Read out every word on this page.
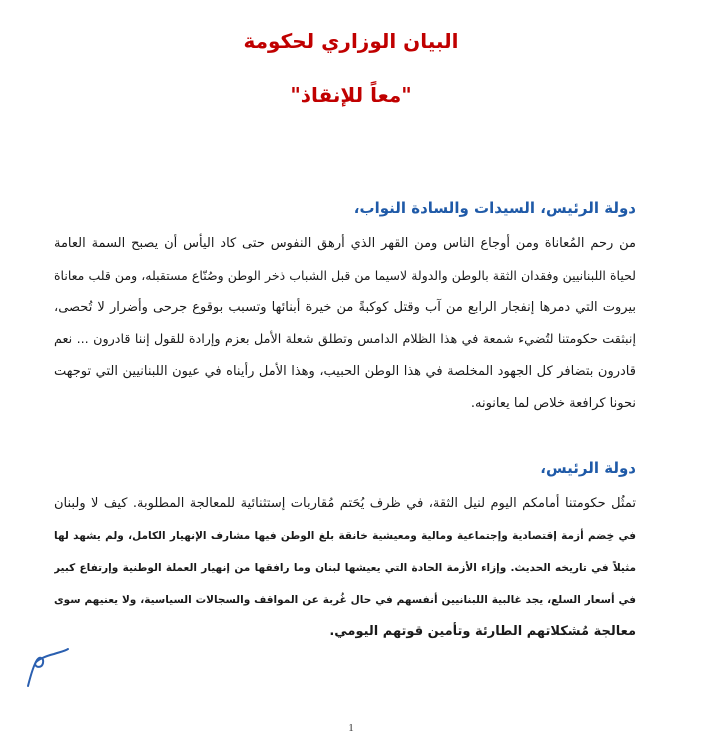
البيان الوزاري لحكومة
"معاً للإنقاذ"
دولة الرئيس، السيدات والسادة النواب،
من رحم المُعاناة ومن أوجاع الناس ومن القهر الذي أرهق النفوس حتى كاد اليأس أن يصبح السمة العامة
لحياة اللبنانيين وفقدان الثقة بالوطن والدولة لاسيما من قبل الشباب ذخر الوطن وصُنّاع مستقبله، ومن قلب معاناة
بيروت التي دمرها إنفجار الرابع من آب وقتل كوكبةً من خيرة أبنائها وتسبب بوقوع جرحى وأضرار لا تُحصى،
إنبثقت حكومتنا لتُضيء شمعة في هذا الظلام الدامس وتطلق شعلة الأمل بعزم وإرادة للقول إننا قادرون ... نعم
قادرون بتضافر كل الجهود المخلصة في هذا الوطن الحبيب، وهذا الأمل رأيناه في عيون اللبنانيين التي توجهت
نحونا كرافعة خلاص لما يعانونه.
دولة الرئيس،
تمثُل حكومتنا أمامكم اليوم لنيل الثقة، في ظرف يُحَتم مُقاربات إستثنائية للمعالجة المطلوبة. كيف لا ولبنان
في خِضم أزمة إقتصادية وإجتماعية ومالية ومعيشية خانقة بلغ الوطن فيها مشارف الإنهيار الكامل، ولم يشهد لها
مثيلاً في تاريخه الحديث. وإزاء الأزمة الحادة التي يعيشها لبنان وما رافقها من إنهيار العملة الوطنية وإرتفاع كبير
في أسعار السلع، يجد غالبية اللبنانيين أنفسهم في حال غُربة عن المواقف والسجالات السياسية، ولا يعنيهم سوى
معالجة مُشكلاتهم الطارئة وتأمين قوتهم اليومي.
1
